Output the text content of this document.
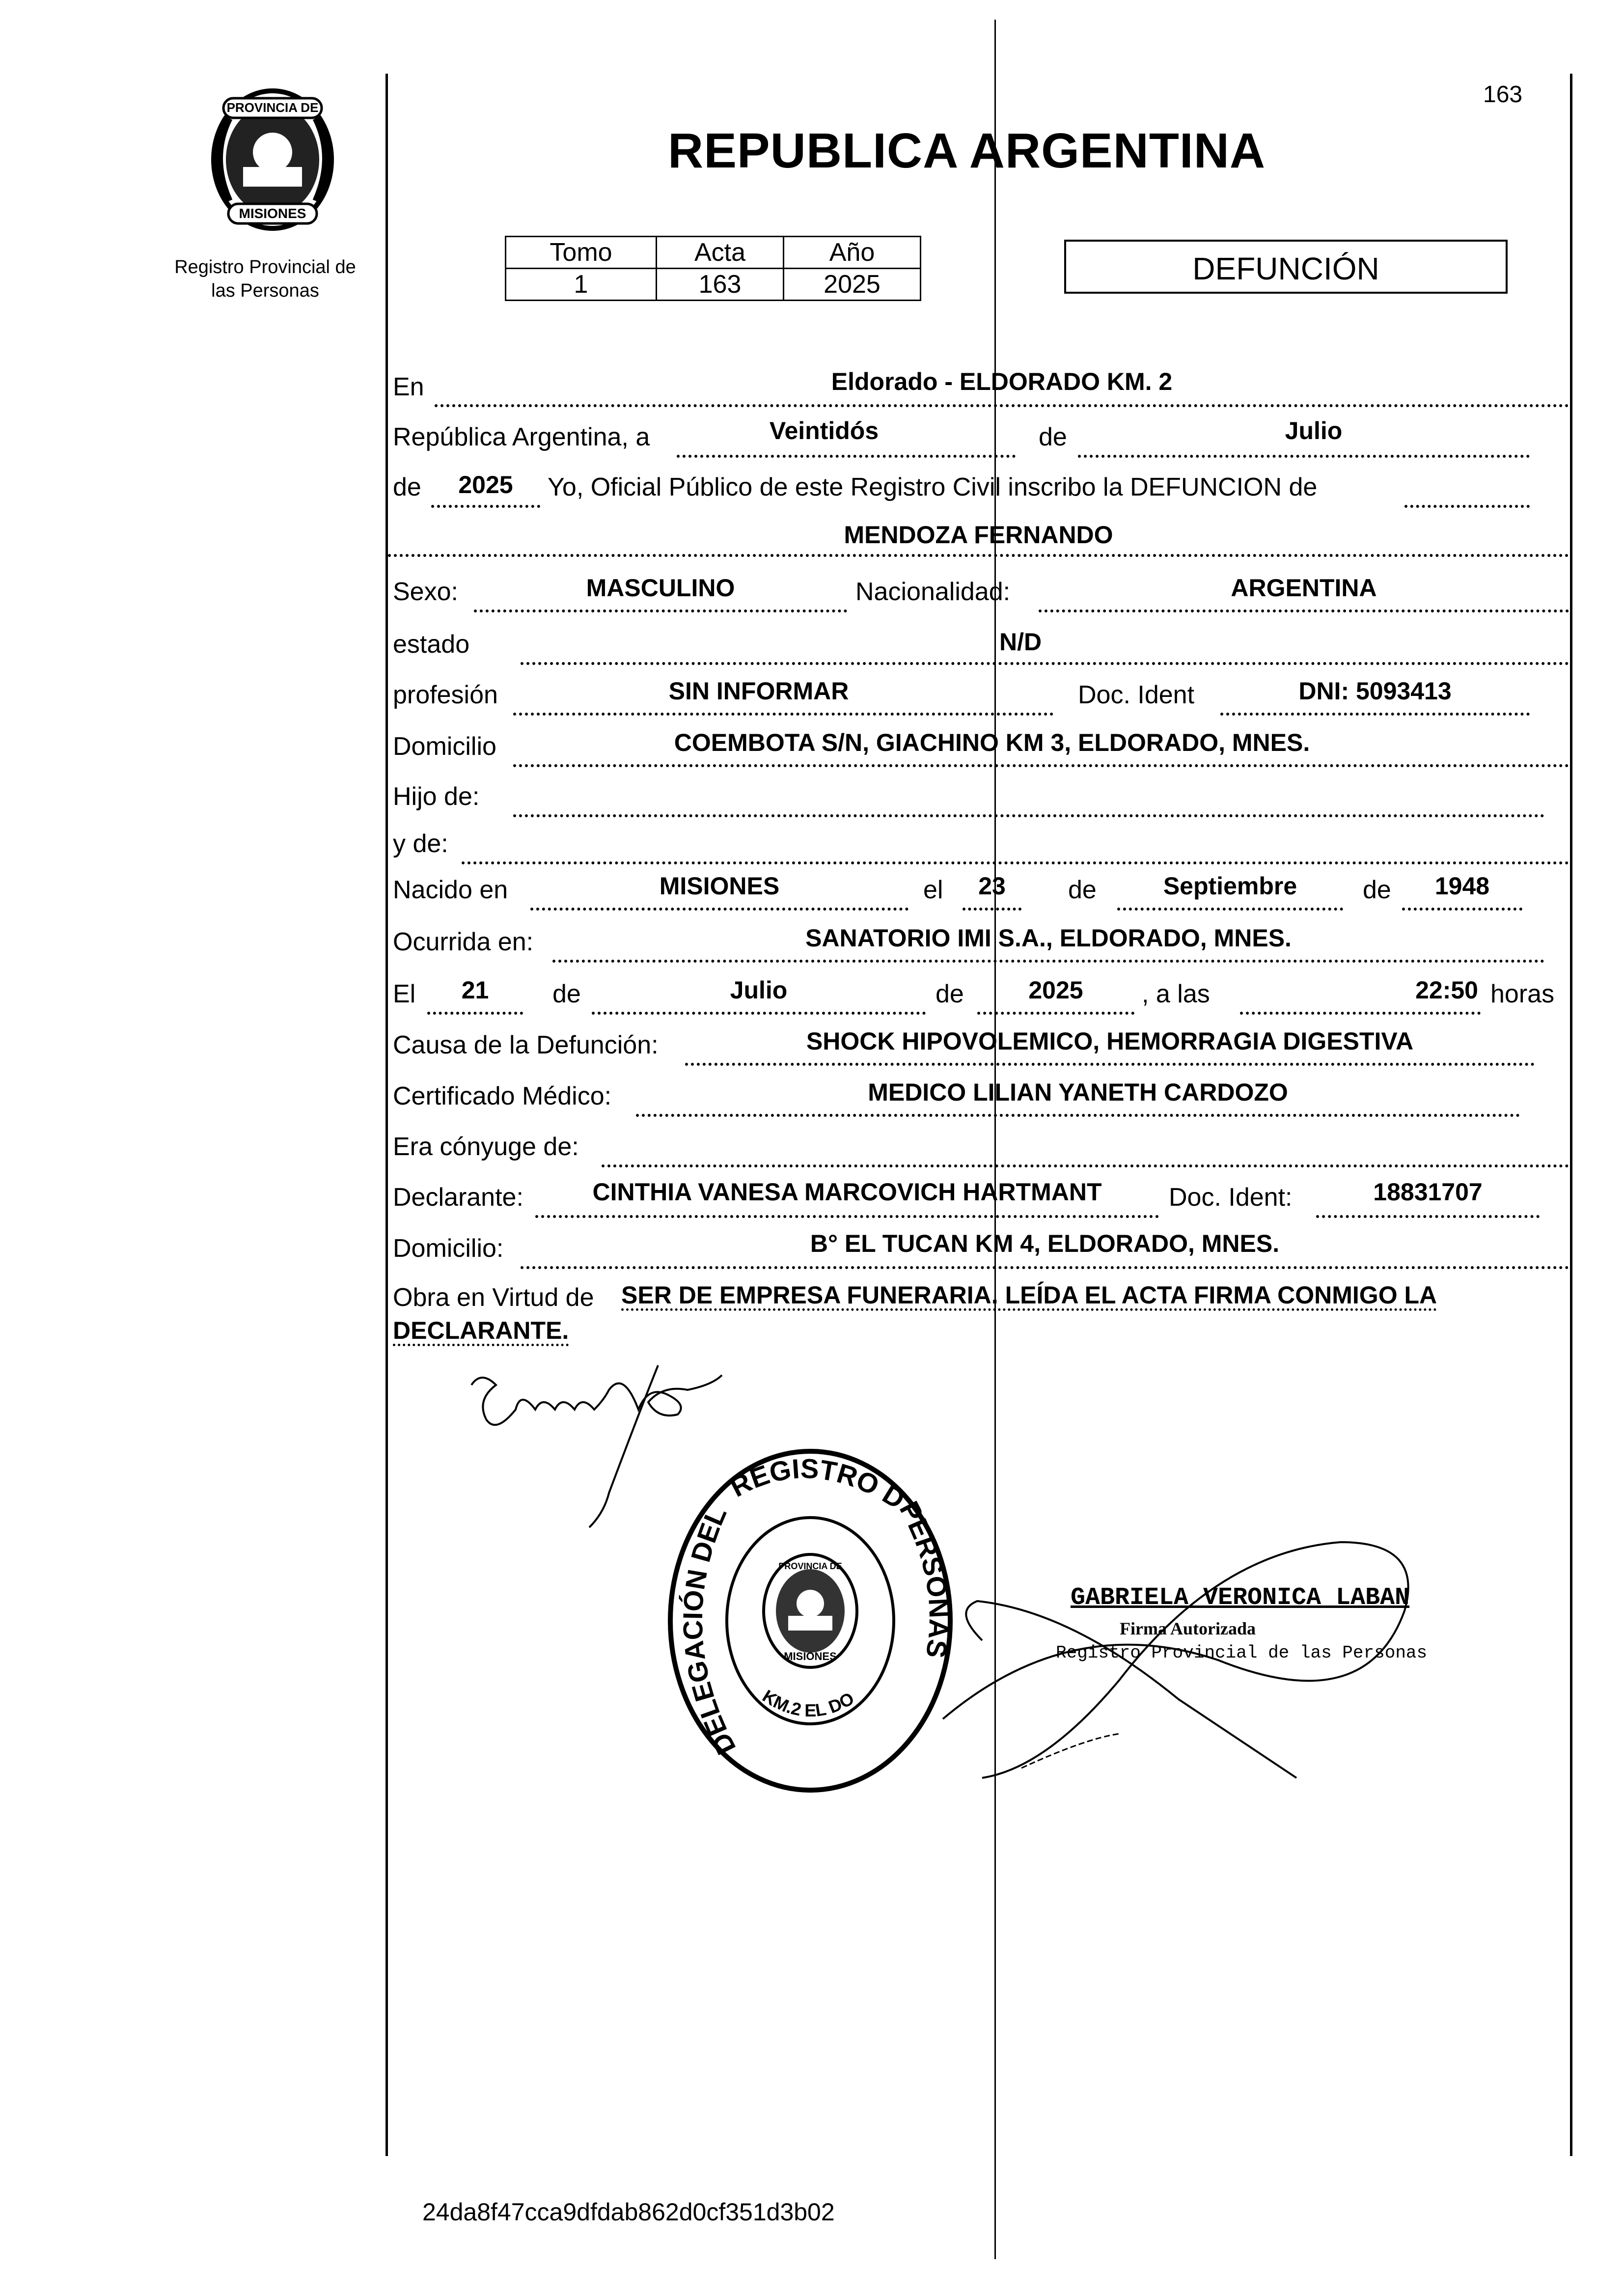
163
PROVINCIA DE
MISIONES
Registro Provincial de las Personas
REPUBLICA ARGENTINA
Tomo	Acta	Año
1	163	2025	DEFUNCIÓN
En	Eldorado - ELDORADO KM. 2
República Argentina, a	Veintidós	de	Julio
de	2025	Yo, Oficial Público de este Registro Civil inscribo la DEFUNCION de
MENDOZA FERNANDO
Sexo:	MASCULINO	Nacionalidad:	ARGENTINA
estado	N/D
profesión	SIN INFORMAR	Doc. Ident	DNI: 5093413
Domicilio	COEMBOTA S/N, GIACHINO KM 3, ELDORADO, MNES.
Hijo de:
y de:
Nacido en	MISIONES	el	23	de	Septiembre	de	1948
Ocurrida en:	SANATORIO IMI S.A., ELDORADO, MNES.
El	21	de	Julio	de	2025	, a las	22:50 horas
Causa de la Defunción:	SHOCK HIPOVOLEMICO, HEMORRAGIA DIGESTIVA
Certificado Médico:	MEDICO LILIAN YANETH CARDOZO
Era cónyuge de:
Declarante:	CINTHIA VANESA MARCOVICH HARTMANT	Doc. Ident:	18831707
Domicilio:	B° EL TUCAN KM 4, ELDORADO, MNES.
Obra en Virtud de SER DE EMPRESA FUNERARIA. LEÍDA EL ACTA FIRMA CONMIGO LA
DECLARANTE.
DELEGACIÓN DEL
REGISTRO D
PERSONAS
KM.2 EL DO
PROVINCIA DE
MISIONES
GABRIELA VERONICA LABAN
Firma Autorizada
Registro Provincial de las Personas
24da8f47cca9dfdab862d0cf351d3b02
